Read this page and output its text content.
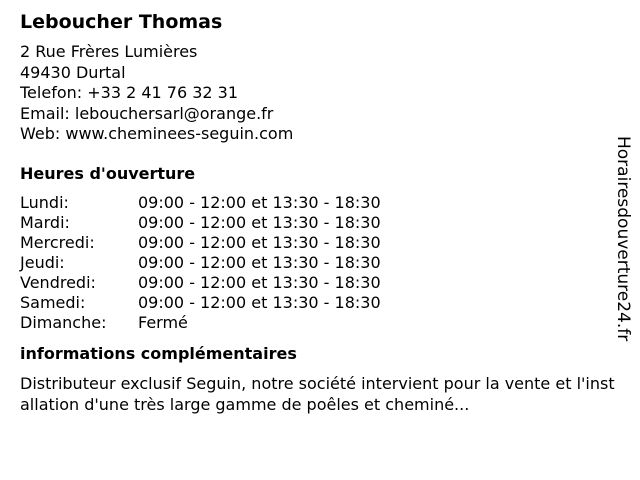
Leboucher Thomas
2 Rue Frères Lumières
49430 Durtal
Telefon: +33 2 41 76 32 31
Email: lebouchersarl@orange.fr
Web: www.cheminees-seguin.com
Heures d'ouverture
Lundi:	09:00 - 12:00 et 13:30 - 18:30
Mardi:	09:00 - 12:00 et 13:30 - 18:30
Mercredi:	09:00 - 12:00 et 13:30 - 18:30
Jeudi:	09:00 - 12:00 et 13:30 - 18:30
Vendredi:	09:00 - 12:00 et 13:30 - 18:30
Samedi:	09:00 - 12:00 et 13:30 - 18:30
Dimanche:	Fermé
informations complémentaires
Distributeur exclusif Seguin, notre société intervient pour la vente et l'installation d'une très large gamme de poêles et cheminé...
Horairesdouverture24.fr
